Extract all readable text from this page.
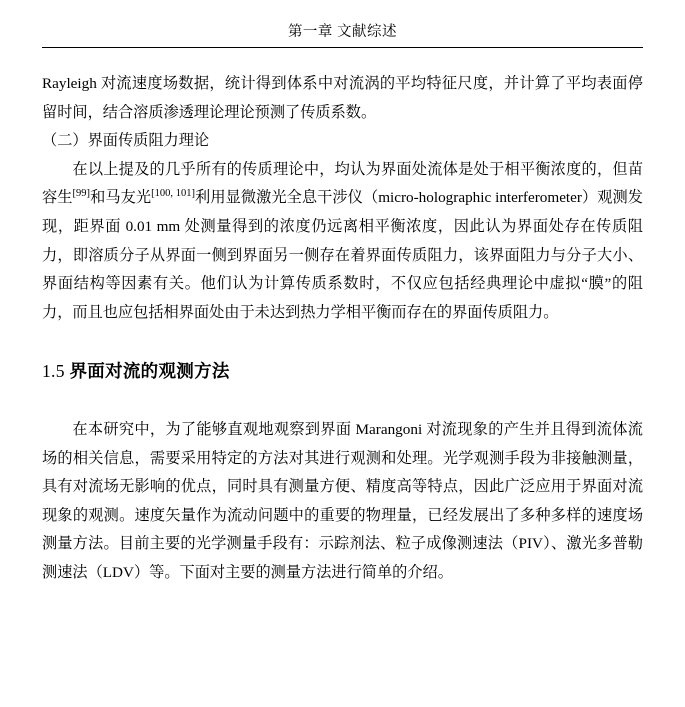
第一章 文献综述

Rayleigh 对流速度场数据，统计得到体系中对流涡的平均特征尺度，并计算了平均表面停留时间，结合溶质渗透理论理论预测了传质系数。

（二）界面传质阻力理论

在以上提及的几乎所有的传质理论中，均认为界面处流体是处于相平衡浓度的，但苗容生[99]和马友光[100, 101]利用显微激光全息干涉仪（micro-holographic interferometer）观测发现，距界面 0.01 mm 处测量得到的浓度仍远离相平衡浓度，因此认为界面处存在传质阻力，即溶质分子从界面一侧到界面另一侧存在着界面传质阻力，该界面阻力与分子大小、界面结构等因素有关。他们认为计算传质系数时，不仅应包括经典理论中虚拟“膜”的阻力，而且也应包括相界面处由于未达到热力学相平衡而存在的界面传质阻力。

1.5 界面对流的观测方法

在本研究中，为了能够直观地观察到界面 Marangoni 对流现象的产生并且得到流体流场的相关信息，需要采用特定的方法对其进行观测和处理。光学观测手段为非接触测量，具有对流场无影响的优点，同时具有测量方便、精度高等特点，因此广泛应用于界面对流现象的观测。速度矢量作为流动问题中的重要的物理量，已经发展出了多种多样的速度场测量方法。目前主要的光学测量手段有：示踪剂法、粒子成像测速法（PIV）、激光多普勒测速法（LDV）等。下面对主要的测量方法进行简单的介绍。
